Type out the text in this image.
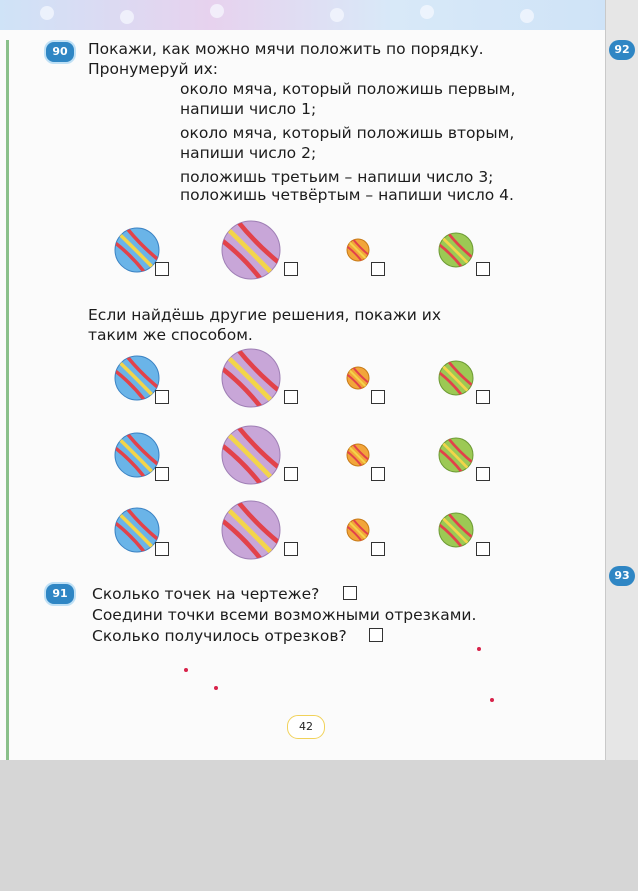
90	Покажи, как можно мячи положить по порядку.
Пронумеруй их:
около мяча, который положишь первым,
напиши число 1;
около мяча, который положишь вторым,
напиши число 2;
положишь третьим – напиши число 3;
положишь четвёртым – напиши число 4.
Если найдёшь другие решения, покажи их
таким же способом.
91	Сколько точек на чертеже?
Соедини точки всеми возможными отрезками.
Сколько получилось отрезков?
42
92
93
